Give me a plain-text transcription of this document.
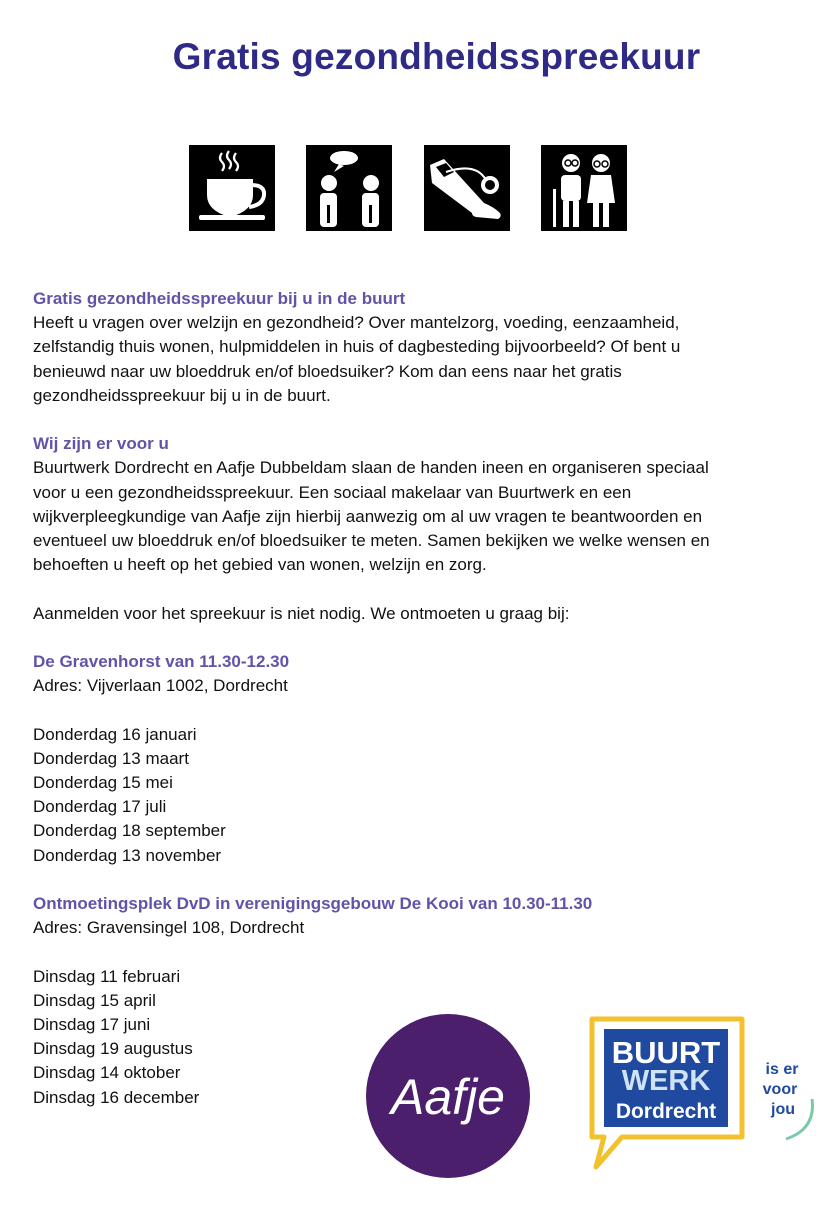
Gratis gezondheidsspreekuur

Gratis gezondheidsspreekuur bij u in de buurt

Heeft u vragen over welzijn en gezondheid? Over mantelzorg, voeding, eenzaamheid,

zelfstandig thuis wonen, hulpmiddelen in huis of dagbesteding bijvoorbeeld? Of bent u

benieuwd naar uw bloeddruk en/of bloedsuiker? Kom dan eens naar het gratis

gezondheidsspreekuur bij u in de buurt.

Wij zijn er voor u

Buurtwerk Dordrecht en Aafje Dubbeldam slaan de handen ineen en organiseren speciaal

voor u een gezondheidsspreekuur. Een sociaal makelaar van Buurtwerk en een

wijkverpleegkundige van Aafje zijn hierbij aanwezig om al uw vragen te beantwoorden en

eventueel uw bloeddruk en/of bloedsuiker te meten. Samen bekijken we welke wensen en

behoeften u heeft op het gebied van wonen, welzijn en zorg.

Aanmelden voor het spreekuur is niet nodig. We ontmoeten u graag bij:

De Gravenhorst van 11.30-12.30

Adres: Vijverlaan 1002, Dordrecht

Donderdag 16 januari

Donderdag 13 maart

Donderdag 15 mei

Donderdag 17 juli

Donderdag 18 september

Donderdag 13 november

Ontmoetingsplek DvD in verenigingsgebouw De Kooi van 10.30-11.30

Adres: Gravensingel 108, Dordrecht

Dinsdag 11 februari

Dinsdag 15 april

Dinsdag 17 juni

Dinsdag 19 augustus

Dinsdag 14 oktober

Dinsdag 16 december	Aafje
BUURT
WERK
Dordrecht
is er
voor
jou
